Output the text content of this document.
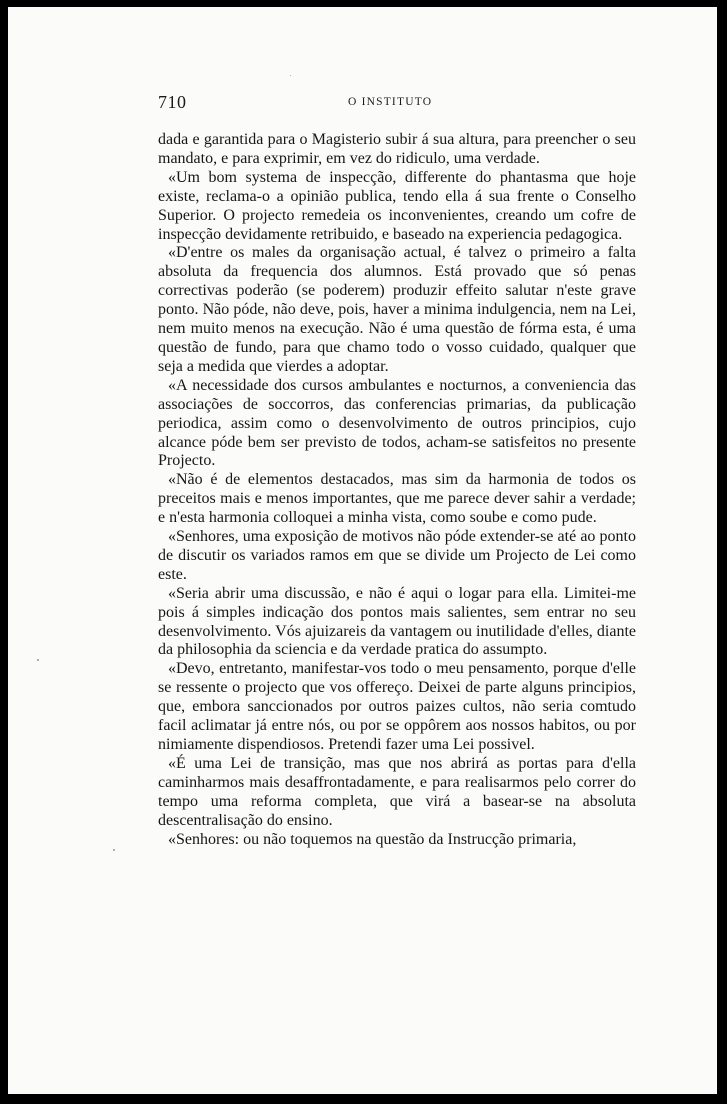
710	O INSTITUTO

dada e garantida para o Magisterio subir á sua altura, para preencher o seu mandato, e para exprimir, em vez do ridiculo, uma verdade.

«Um bom systema de inspecção, differente do phantasma que hoje existe, reclama-o a opinião publica, tendo ella á sua frente o Conselho Superior. O projecto remedeia os inconvenientes, creando um cofre de inspecção devidamente retribuido, e baseado na experiencia pedagogica.

«D'entre os males da organisação actual, é talvez o primeiro a falta absoluta da frequencia dos alumnos. Está provado que só penas correctivas poderão (se poderem) produzir effeito salutar n'este grave ponto. Não póde, não deve, pois, haver a minima indulgencia, nem na Lei, nem muito menos na execução. Não é uma questão de fórma esta, é uma questão de fundo, para que chamo todo o vosso cuidado, qualquer que seja a medida que vierdes a adoptar.

«A necessidade dos cursos ambulantes e nocturnos, a conveniencia das associações de soccorros, das conferencias primarias, da publicação periodica, assim como o desenvolvimento de outros principios, cujo alcance póde bem ser previsto de todos, acham-se satisfeitos no presente Projecto.

«Não é de elementos destacados, mas sim da harmonia de todos os preceitos mais e menos importantes, que me parece dever sahir a verdade; e n'esta harmonia colloquei a minha vista, como soube e como pude.

«Senhores, uma exposição de motivos não póde extender-se até ao ponto de discutir os variados ramos em que se divide um Projecto de Lei como este.

«Seria abrir uma discussão, e não é aqui o logar para ella. Limitei-me pois á simples indicação dos pontos mais salientes, sem entrar no seu desenvolvimento. Vós ajuizareis da vantagem ou inutilidade d'elles, diante da philosophia da sciencia e da verdade pratica do assumpto.

«Devo, entretanto, manifestar-vos todo o meu pensamento, porque d'elle se ressente o projecto que vos offereço. Deixei de parte alguns principios, que, embora sanccionados por outros paizes cultos, não seria comtudo facil aclimatar já entre nós, ou por se oppôrem aos nossos habitos, ou por nimiamente dispendiosos. Pretendi fazer uma Lei possivel.

«É uma Lei de transição, mas que nos abrirá as portas para d'ella caminharmos mais desaffrontadamente, e para realisarmos pelo correr do tempo uma reforma completa, que virá a basear-se na absoluta descentralisação do ensino.

«Senhores: ou não toquemos na questão da Instrucção primaria,
